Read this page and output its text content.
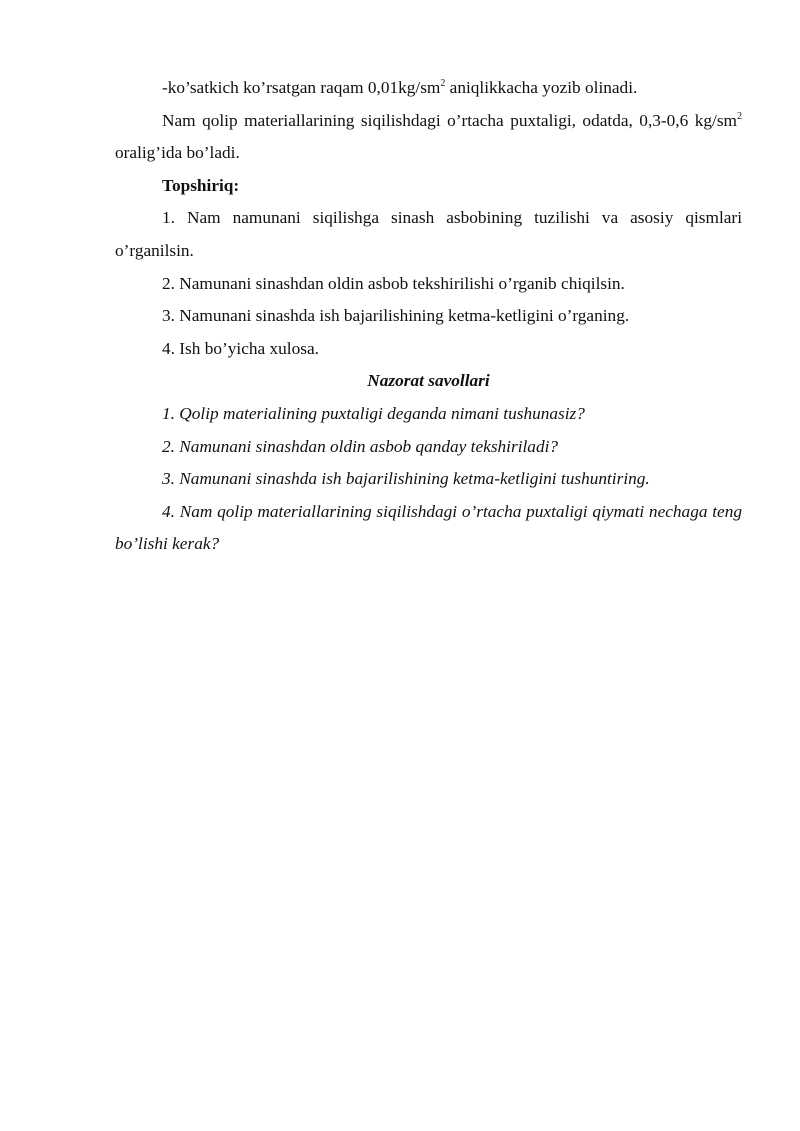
-ko’satkich ko’rsatgan raqam $0,01kg/sm^2$ aniqlikkacha yozib olinadi.

Nam qolip materiallarining siqilishdagi o’rtacha puxtaligi, odatda, 0,3-0,6 $kg/sm^2$ oralig’ida bo’ladi.

Topshiriq:

1. Nam namunani siqilishga sinash asbobining tuzilishi va asosiy qismlari o’rganilsin.

2. Namunani sinashdan oldin asbob tekshirilishi o’rganib chiqilsin.

3. Namunani sinashda ish bajarilishining ketma-ketligini o’rganing.

4. Ish bo’yicha xulosa.

Nazorat savollari

1. Qolip materialining puxtaligi deganda nimani tushunasiz?

2. Namunani sinashdan oldin asbob qanday tekshiriladi?

3. Namunani sinashda ish bajarilishining ketma-ketligini tushuntiring.

4. Nam qolip materiallarining siqilishdagi o’rtacha puxtaligi qiymati nechaga teng bo’lishi kerak?
